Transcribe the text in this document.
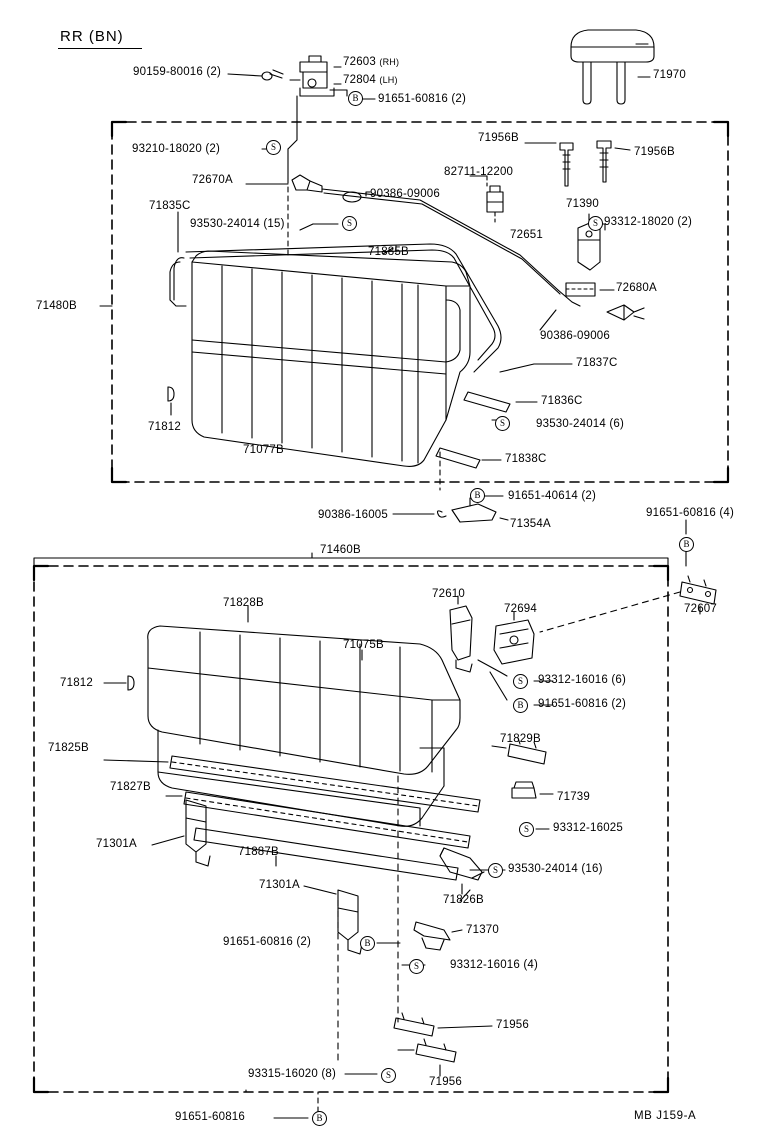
RR (BN)
90159-80016 (2)
72603 (RH)
72804 (LH)
91651-60816 (2)
71970
93210-18020 (2)
71956B
71956B
82711-12200
72670A
90386-09006
71390
93312-18020 (2)
71835C
93530-24014 (15)
72651
71885B
72680A
71480B
90386-09006
71837C
71836C
71812	93530-24014 (6)
71077B
71838C
91651-40614 (2)
90386-16005
71354A
91651-60816 (4)
71460B
72610
72694
71828B
71075B
72607
71812	93312-16016 (6)
91651-60816 (2)
71829B
71825B
71827B
71739
93312-16025
71301A
71887B
93530-24014 (16)
71826B
71301A
71370
91651-60816 (2)
93312-16016 (4)
71956
93315-16020 (8)
71956
91651-60816
B
S
S	S
S
B
B
S
B
S
S
B
S
S
B	MB J159-A
